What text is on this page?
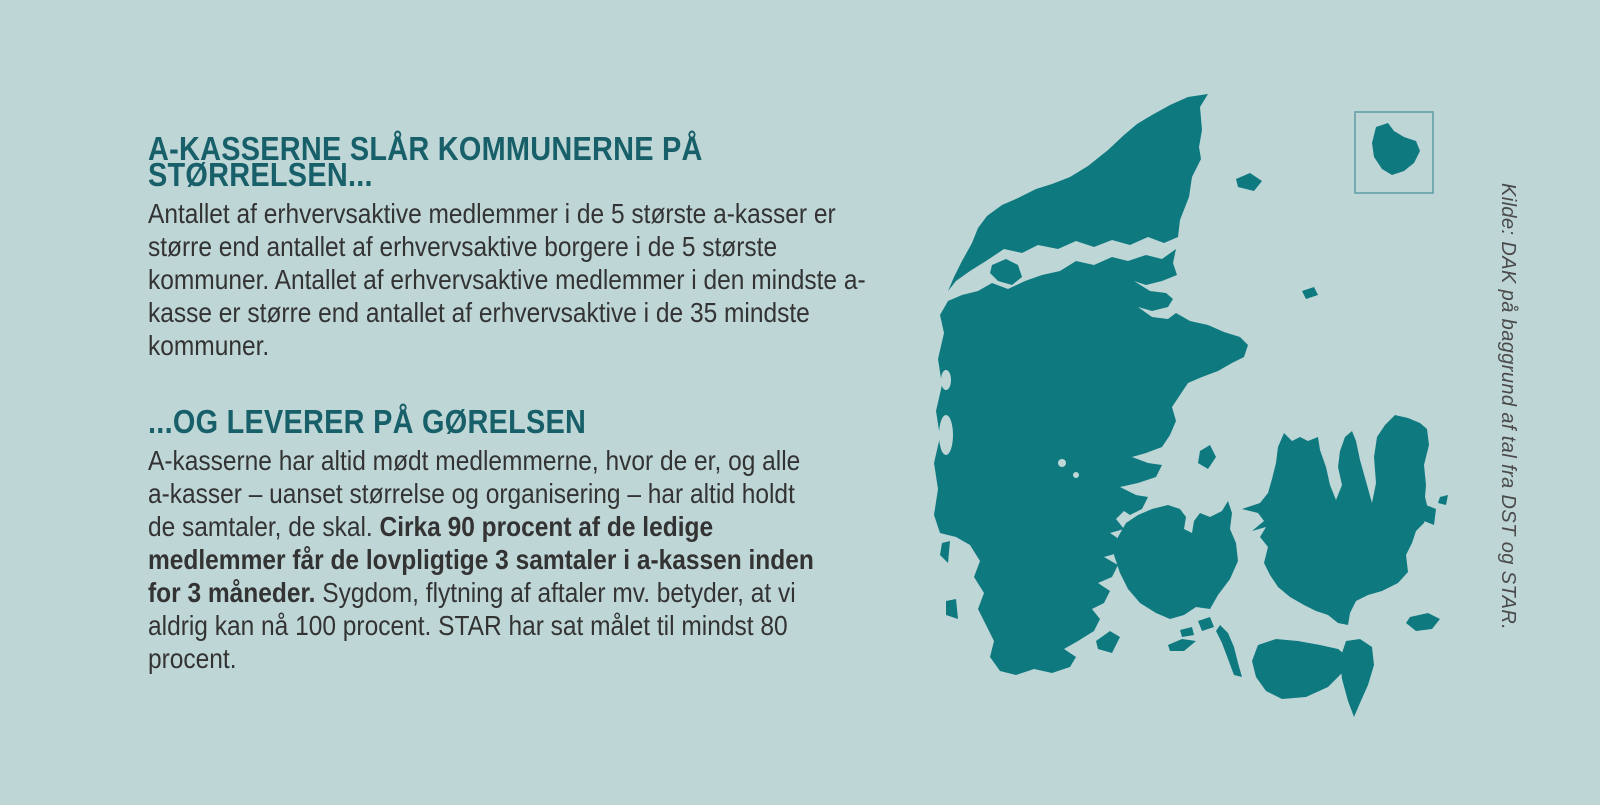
A-KASSERNE SLÅR KOMMUNERNE PÅ STØRRELSEN...

Antallet af erhvervsaktive medlemmer i de 5 største a-kasser er større end antallet af erhvervsaktive borgere i de 5 største kommuner. Antallet af erhvervsaktive medlemmer i den mindste a-kasse er større end antallet af erhvervsaktive i de 35 mindste kommuner.

...OG LEVERER PÅ GØRELSEN

A-kasserne har altid mødt medlemmerne, hvor de er, og alle a-kasser – uanset størrelse og organisering – har altid holdt de samtaler, de skal. Cirka 90 procent af de ledige medlemmer får de lovpligtige 3 samtaler i a-kassen inden for 3 måneder. Sygdom, flytning af aftaler mv. betyder, at vi aldrig kan nå 100 procent. STAR har sat målet til mindst 80 procent.

Kilde: DAK på baggrund af tal fra DST og STAR.
